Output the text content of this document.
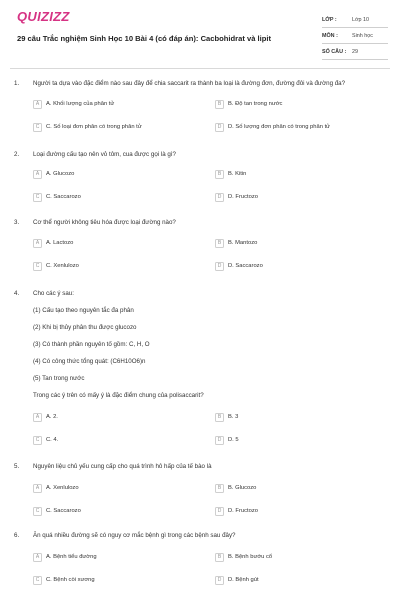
QUIZIZZ
29 câu Trắc nghiệm Sinh Học 10 Bài 4 (có đáp án): Cacbohidrat và lipit
LỚP :	Lớp 10
MÔN :	Sinh học
SỐ CÂU :	29
1. Người ta dựa vào đặc điểm nào sau đây để chia saccarit ra thành ba loại là đường đơn, đường đôi và đường đa?
A	A. Khối lượng của phân tử	B	B. Độ tan trong nước
C	C. Số loại đơn phân có trong phân tử	D	D. Số lượng đơn phân có trong phân tử
2. Loại đường cấu tạo nên vỏ tôm, cua được gọi là gì?
A	A. Glucozo	B	B. Kitin
C	C. Saccarozo	D	D. Fructozo
3. Cơ thể người không tiêu hóa được loại đường nào?
A	A. Lactozo	B	B. Mantozo
C	C. Xenlulozo	D	D. Saccarozo
4. Cho các ý sau:
(1) Cấu tạo theo nguyên tắc đa phân
(2) Khi bị thủy phân thu được glucozo
(3) Có thành phần nguyên tố gồm: C, H, O
(4) Có công thức tổng quát: (C6H10O6)n
(5) Tan trong nước
Trong các ý trên có mấy ý là đặc điểm chung của polisaccarit?
A	A. 2.	B	B. 3
C	C. 4.	D	D. 5
5. Nguyên liệu chủ yếu cung cấp cho quá trình hô hấp của tế bào là
A	A. Xenlulozo	B	B. Glucozo
C	C. Saccarozo	D	D. Fructozo
6. Ăn quá nhiều đường sẽ có nguy cơ mắc bệnh gì trong các bệnh sau đây?
A	A. Bệnh tiểu đường	B	B. Bệnh bướu cổ
C	C. Bệnh còi xương	D	D. Bệnh gút
